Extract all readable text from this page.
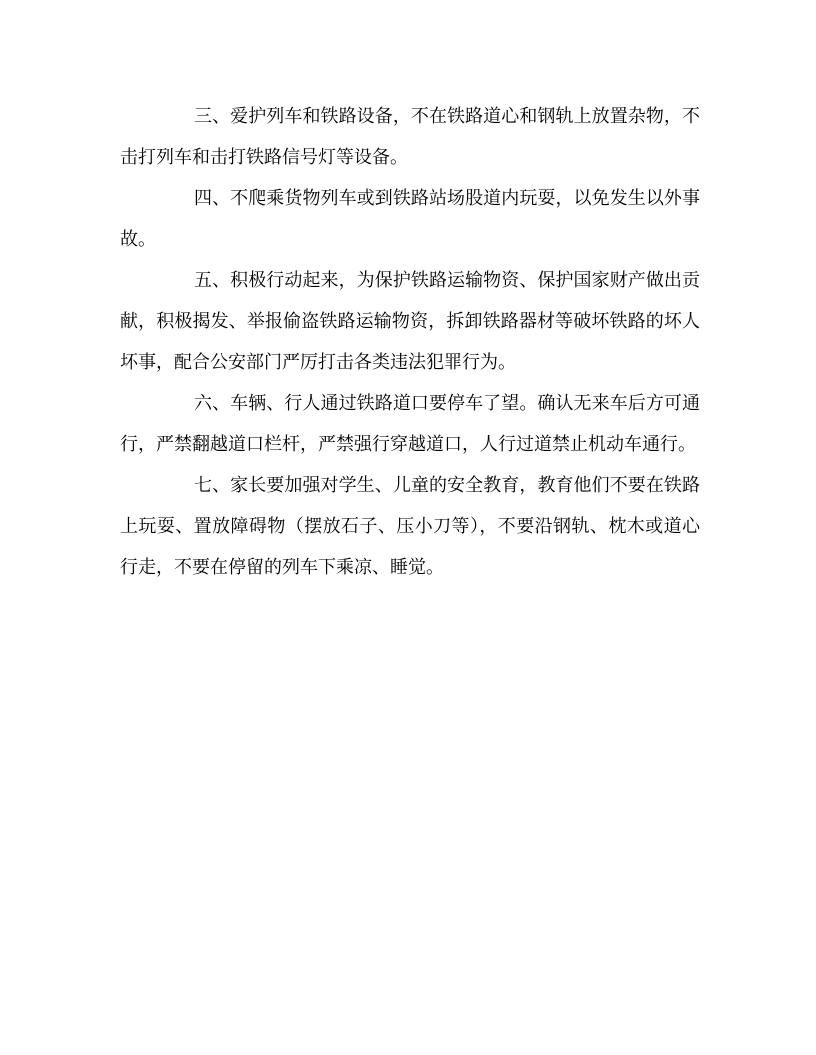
三、爱护列车和铁路设备，不在铁路道心和钢轨上放置杂物，不击打列车和击打铁路信号灯等设备。

四、不爬乘货物列车或到铁路站场股道内玩耍，以免发生以外事故。

五、积极行动起来，为保护铁路运输物资、保护国家财产做出贡献，积极揭发、举报偷盗铁路运输物资，拆卸铁路器材等破坏铁路的坏人坏事，配合公安部门严厉打击各类违法犯罪行为。

六、车辆、行人通过铁路道口要停车了望。确认无来车后方可通行，严禁翻越道口栏杆，严禁强行穿越道口，人行过道禁止机动车通行。

七、家长要加强对学生、儿童的安全教育，教育他们不要在铁路上玩耍、置放障碍物（摆放石子、压小刀等），不要沿钢轨、枕木或道心行走，不要在停留的列车下乘凉、睡觉。
